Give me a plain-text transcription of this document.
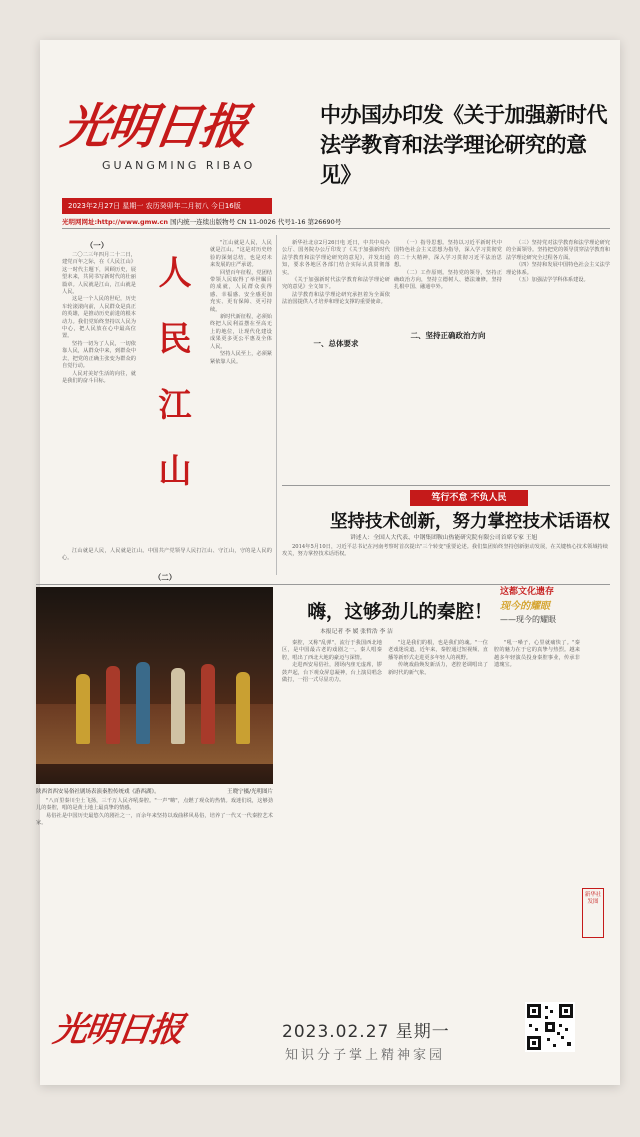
光明日报
GUANGMING RIBAO
2023年2月27日 星期一 农历癸卯年二月初八 今日16版
光明网网址:http://www.gmw.cn 国内统一连续出版物号 CN 11-0026 代号1-16 第26690号
中办国办印发《关于加强新时代
法学教育和法学理论研究的意见》
（一）

二〇二三年四月二十二日，建党百年之际，在《人民江山》这一时代主题下，回顾历史，展望未来，共同书写新时代的壮丽篇章。人民就是江山，江山就是人民。

这是一个人民的世纪，历史车轮滚滚向前，人民群众是真正的英雄，是推动历史前进的根本动力。我们党始终坚持以人民为中心，把人民放在心中最高位置。

坚持一切为了人民，一切依靠人民，从群众中来，到群众中去，把党的正确主张变为群众的自觉行动。

人民对美好生活的向往，就是我们的奋斗目标。

人
民
江
山

江山就是人民，人民就是江山。中国共产党领导人民打江山、守江山，守的是人民的心。

（二）

"江山就是人民，人民就是江山。"这是对历史经验的深刻总结，也是对未来发展的庄严承诺。

回望百年征程，党团结带领人民取得了举世瞩目的成就，人民群众获得感、幸福感、安全感更加充实、更有保障、更可持续。

新时代新征程，必须始终把人民利益摆在至高无上的地位，让现代化建设成果更多更公平惠及全体人民。

坚持人民至上，必须紧紧依靠人民。

新华社北京2月26日电 近日，中共中央办公厅、国务院办公厅印发了《关于加强新时代法学教育和法学理论研究的意见》，并发出通知，要求各地区各部门结合实际认真贯彻落实。

《关于加强新时代法学教育和法学理论研究的意见》全文如下。

法学教育和法学理论研究承担着为全面依法治国提供人才培养和理论支撑的重要使命。

一、总体要求

（一）指导思想。坚持以习近平新时代中国特色社会主义思想为指导，深入学习贯彻党的二十大精神，深入学习贯彻习近平法治思想。

（二）工作原则。坚持党的领导，坚持正确政治方向，坚持立德树人、德法兼修，坚持扎根中国、融通中外。

二、坚持正确政治方向

（三）坚持党对法学教育和法学理论研究的全面领导。坚持把党的领导贯穿法学教育和法学理论研究全过程各方面。

（四）坚持和发展中国特色社会主义法学理论体系。

（五）加强法学学科体系建设。

笃行不怠 不负人民
坚持技术创新，努力掌控技术话语权
讲述人：全国人大代表、中钢集团鞍山热能研究院有限公司首席专家 王旭

2014年5月10日，习近平总书记在河南考察时首次提出"三个转变"重要论述。我们集团始终坚持创新驱动发展，在关键核心技术领域持续攻关，努力掌控技术话语权。

陕西省西安易俗社剧场表演秦腔传统戏《游西湖》。	王晓宁摄/光明图片
嗨，这够劲儿的秦腔！
本报记者 李 媛 张哲浩 李 洁
这都文化遗存
现今的耀眼
——现今的耀眼

秦腔，又称"乱弹"，流行于我国西北地区，是中国最古老的戏剧之一。秦人唱秦腔，唱出了西北大地的豪迈与深情。

走进西安易俗社，剧场内座无虚席，锣鼓声起，台下观众屏息凝神，台上演员唱念做打，一招一式尽显功力。

"这是我们的根，也是我们的魂。"一位老戏迷说道。近年来，秦腔通过短视频、直播等新形式走进更多年轻人的视野。

传统戏曲焕发新活力，老腔老调唱出了新时代的新气象。

"吼一嗓子，心里就痛快了。"秦腔的魅力在于它的真挚与热烈。越来越多年轻演员投身秦腔事业，传承非遗瑰宝。

"八百里秦川尘土飞扬，三千万人民齐吼秦腔。"一声"嗨"，点燃了观众的热情。戏迷们说，这够劲儿的秦腔，唱的是黄土地上最真挚的情感。

易俗社是中国历史最悠久的剧社之一，百余年来坚持以戏曲移风易俗，培养了一代又一代秦腔艺术家。

新华社发图
光明日报	2023.02.27 星期一
知识分子掌上精神家园
